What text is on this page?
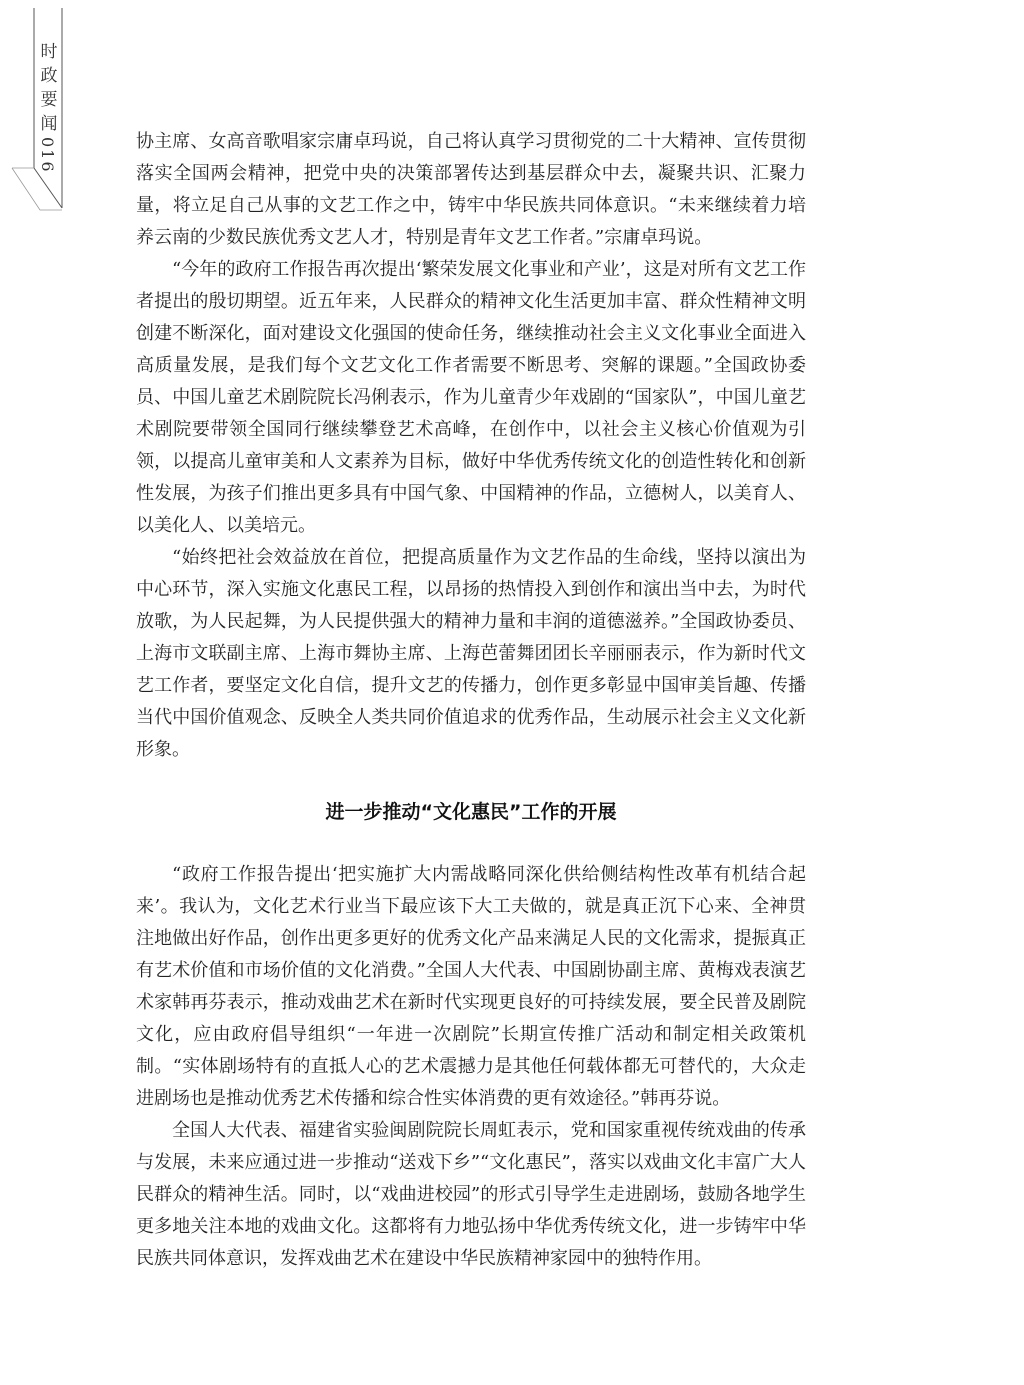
时
政
要
闻
016	协主席、女高音歌唱家宗庸卓玛说，自己将认真学习贯彻党的二十大精神、宣传贯彻落实全国两会精神，把党中央的决策部署传达到基层群众中去，凝聚共识、汇聚力量，将立足自己从事的文艺工作之中，铸牢中华民族共同体意识。“未来继续着力培养云南的少数民族优秀文艺人才，特别是青年文艺工作者。”宗庸卓玛说。

“今年的政府工作报告再次提出‘繁荣发展文化事业和产业’，这是对所有文艺工作者提出的殷切期望。近五年来，人民群众的精神文化生活更加丰富、群众性精神文明创建不断深化，面对建设文化强国的使命任务，继续推动社会主义文化事业全面进入高质量发展，是我们每个文艺文化工作者需要不断思考、突解的课题。”全国政协委员、中国儿童艺术剧院院长冯俐表示，作为儿童青少年戏剧的“国家队”，中国儿童艺术剧院要带领全国同行继续攀登艺术高峰，在创作中，以社会主义核心价值观为引领，以提高儿童审美和人文素养为目标，做好中华优秀传统文化的创造性转化和创新性发展，为孩子们推出更多具有中国气象、中国精神的作品，立德树人，以美育人、以美化人、以美培元。

“始终把社会效益放在首位，把提高质量作为文艺作品的生命线，坚持以演出为中心环节，深入实施文化惠民工程，以昂扬的热情投入到创作和演出当中去，为时代放歌，为人民起舞，为人民提供强大的精神力量和丰润的道德滋养。”全国政协委员、上海市文联副主席、上海市舞协主席、上海芭蕾舞团团长辛丽丽表示，作为新时代文艺工作者，要坚定文化自信，提升文艺的传播力，创作更多彰显中国审美旨趣、传播当代中国价值观念、反映全人类共同价值追求的优秀作品，生动展示社会主义文化新形象。

进一步推动“文化惠民”工作的开展

“政府工作报告提出‘把实施扩大内需战略同深化供给侧结构性改革有机结合起来’。我认为，文化艺术行业当下最应该下大工夫做的，就是真正沉下心来、全神贯注地做出好作品，创作出更多更好的优秀文化产品来满足人民的文化需求，提振真正有艺术价值和市场价值的文化消费。”全国人大代表、中国剧协副主席、黄梅戏表演艺术家韩再芬表示，推动戏曲艺术在新时代实现更良好的可持续发展，要全民普及剧院文化，应由政府倡导组织“一年进一次剧院”长期宣传推广活动和制定相关政策机制。“实体剧场特有的直抵人心的艺术震撼力是其他任何载体都无可替代的，大众走进剧场也是推动优秀艺术传播和综合性实体消费的更有效途径。”韩再芬说。

全国人大代表、福建省实验闽剧院院长周虹表示，党和国家重视传统戏曲的传承与发展，未来应通过进一步推动“送戏下乡”“文化惠民”，落实以戏曲文化丰富广大人民群众的精神生活。同时，以“戏曲进校园”的形式引导学生走进剧场，鼓励各地学生更多地关注本地的戏曲文化。这都将有力地弘扬中华优秀传统文化，进一步铸牢中华民族共同体意识，发挥戏曲艺术在建设中华民族精神家园中的独特作用。
